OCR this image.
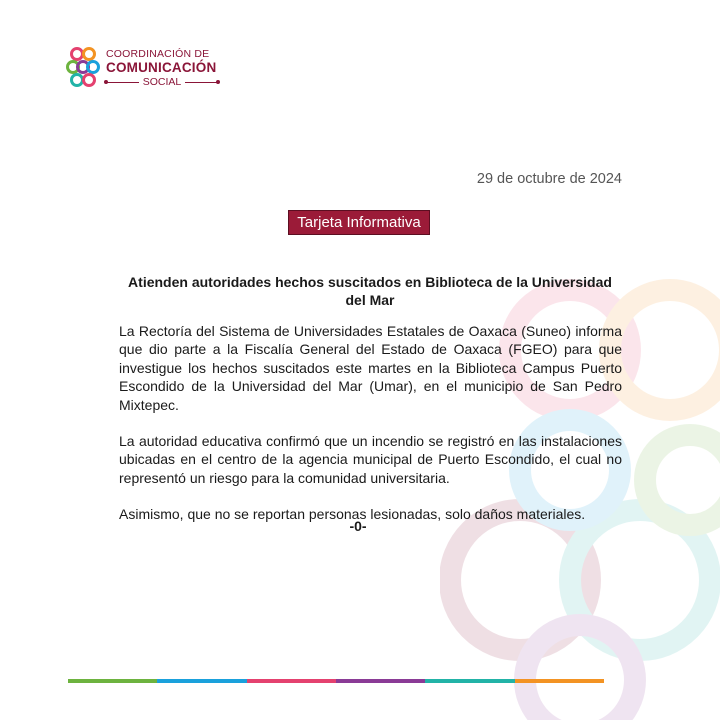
COORDINACIÓN DE
COMUNICACIÓN
SOCIAL
29 de octubre de 2024
Tarjeta Informativa
Atienden autoridades hechos suscitados en Biblioteca de la Universidad del Mar

La Rectoría del Sistema de Universidades Estatales de Oaxaca (Suneo) informa que dio parte a la Fiscalía General del Estado de Oaxaca (FGEO) para que investigue los hechos suscitados este martes en la Biblioteca Campus Puerto Escondido de la Universidad del Mar (Umar), en el municipio de San Pedro Mixtepec.

La autoridad educativa confirmó que un incendio se registró en las instalaciones ubicadas en el centro de la agencia municipal de Puerto Escondido, el cual no representó un riesgo para la comunidad universitaria.

Asimismo, que no se reportan personas lesionadas, solo daños materiales.

-0-
